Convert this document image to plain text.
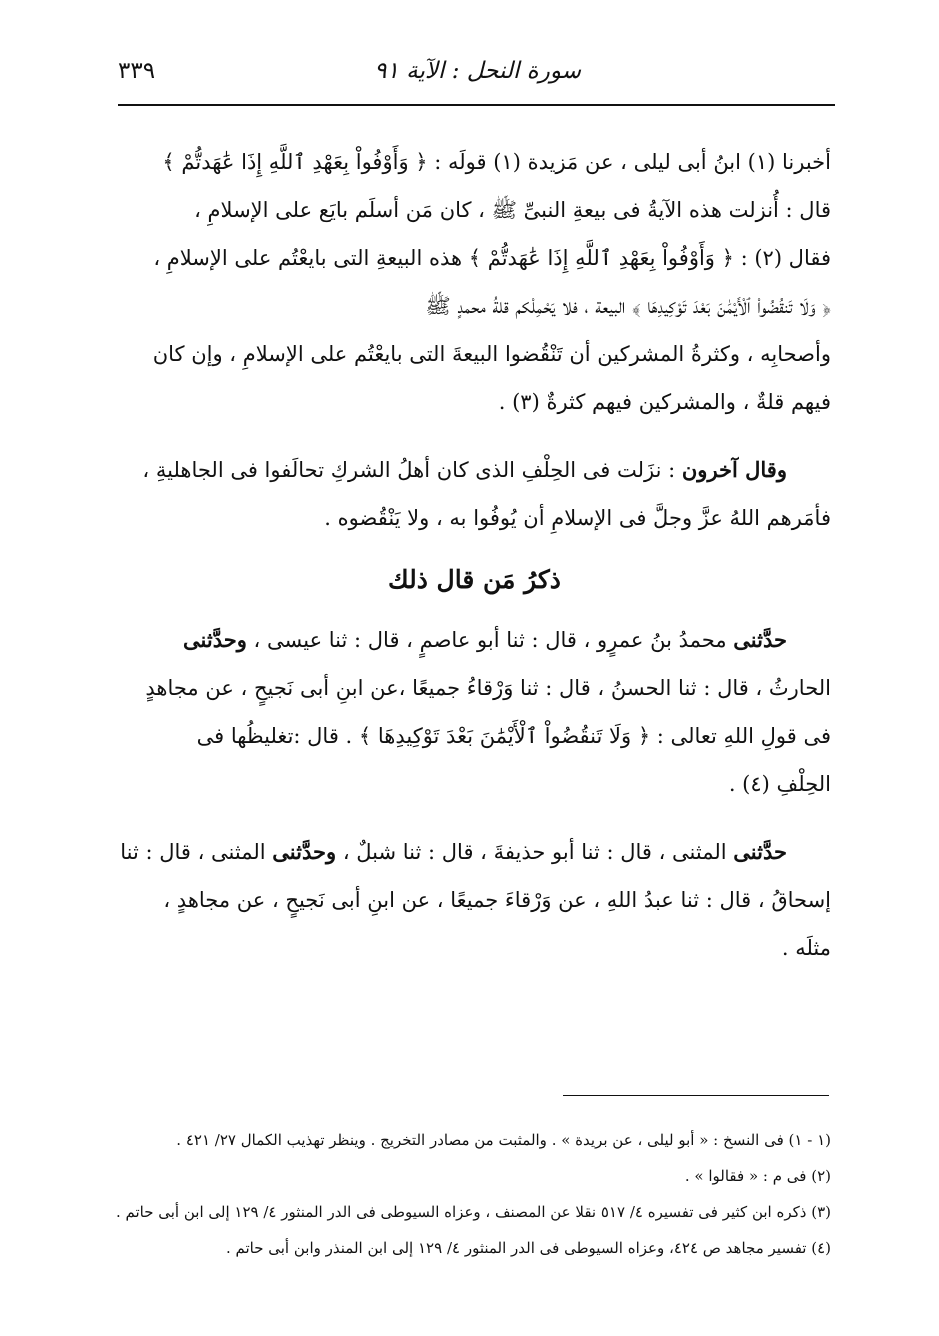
سورة النحل : الآية ٩١
٣٣٩
أخبرنا (١) ابنُ أبى ليلى ، عن مَزيدة (١) قولَه : ﴿ وَأَوْفُواْ بِعَهْدِ ٱللَّهِ إِذَا عَٰهَدتُّمْ ﴾
قال : أُنزلت هذه الآيةُ فى بيعةِ النبىِّ ﷺ ، كان مَن أسلَم بايَع على الإسلامِ ،
فقال (٢) : ﴿ وَأَوْفُواْ بِعَهْدِ ٱللَّهِ إِذَا عَٰهَدتُّمْ ﴾ هذه البيعةِ التى بايعْتُم على الإسلامِ ،
﴿ وَلَا تَنقُضُواْ ٱلْأَيْمَٰنَ بَعْدَ تَوْكِيدِهَا ﴾ البيعة ، فلا يَحْمِلْكم قلةُ محمدٍ ﷺ
وأصحابِه ، وكثرةُ المشركين أن تَنْقُضوا البيعةَ التى بايعْتُم على الإسلامِ ، وإن كان
فيهم قلةٌ ، والمشركين فيهم كثرةٌ (٣) .
وقال آخرون : نزَلت فى الحِلْفِ الذى كان أهلُ الشركِ تحالَفوا فى الجاهليةِ ،
فأمَرهم اللهُ عزَّ وجلَّ فى الإسلامِ أن يُوفُوا به ، ولا يَنْقُضوه .
ذكرُ مَن قال ذلك
حدَّثنى محمدُ بنُ عمرٍو ، قال : ثنا أبو عاصمٍ ، قال : ثنا عيسى ، وحدَّثنى
الحارثُ ، قال : ثنا الحسنُ ، قال : ثنا وَرْقاءُ جميعًا ،عن ابنِ أبى نَجيحٍ ، عن مجاهدٍ
فى قولِ اللهِ تعالى : ﴿ وَلَا تَنقُضُواْ ٱلْأَيْمَٰنَ بَعْدَ تَوْكِيدِهَا ﴾ . قال :تغليظُها فى
الحِلْفِ (٤) .
حدَّثنى المثنى ، قال : ثنا أبو حذيفةَ ، قال : ثنا شبلٌ ، وحدَّثنى المثنى ، قال : ثنا
إسحاقُ ، قال : ثنا عبدُ اللهِ ، عن وَرْقاءَ جميعًا ، عن ابنِ أبى نَجيحٍ ، عن مجاهدٍ ،
مثلَه .

(١ - ١) فى النسخ : « أبو ليلى ، عن بريدة » . والمثبت من مصادر التخريج . وينظر تهذيب الكمال ٢٧/ ٤٢١ .

(٢) فى م : « فقالوا » .

(٣) ذكره ابن كثير فى تفسيره ٤/ ٥١٧ نقلا عن المصنف ، وعزاه السيوطى فى الدر المنثور ٤/ ١٢٩ إلى ابن أبى حاتم .

(٤) تفسير مجاهد ص ٤٢٤، وعزاه السيوطى فى الدر المنثور ٤/ ١٢٩ إلى ابن المنذر وابن أبى حاتم .
